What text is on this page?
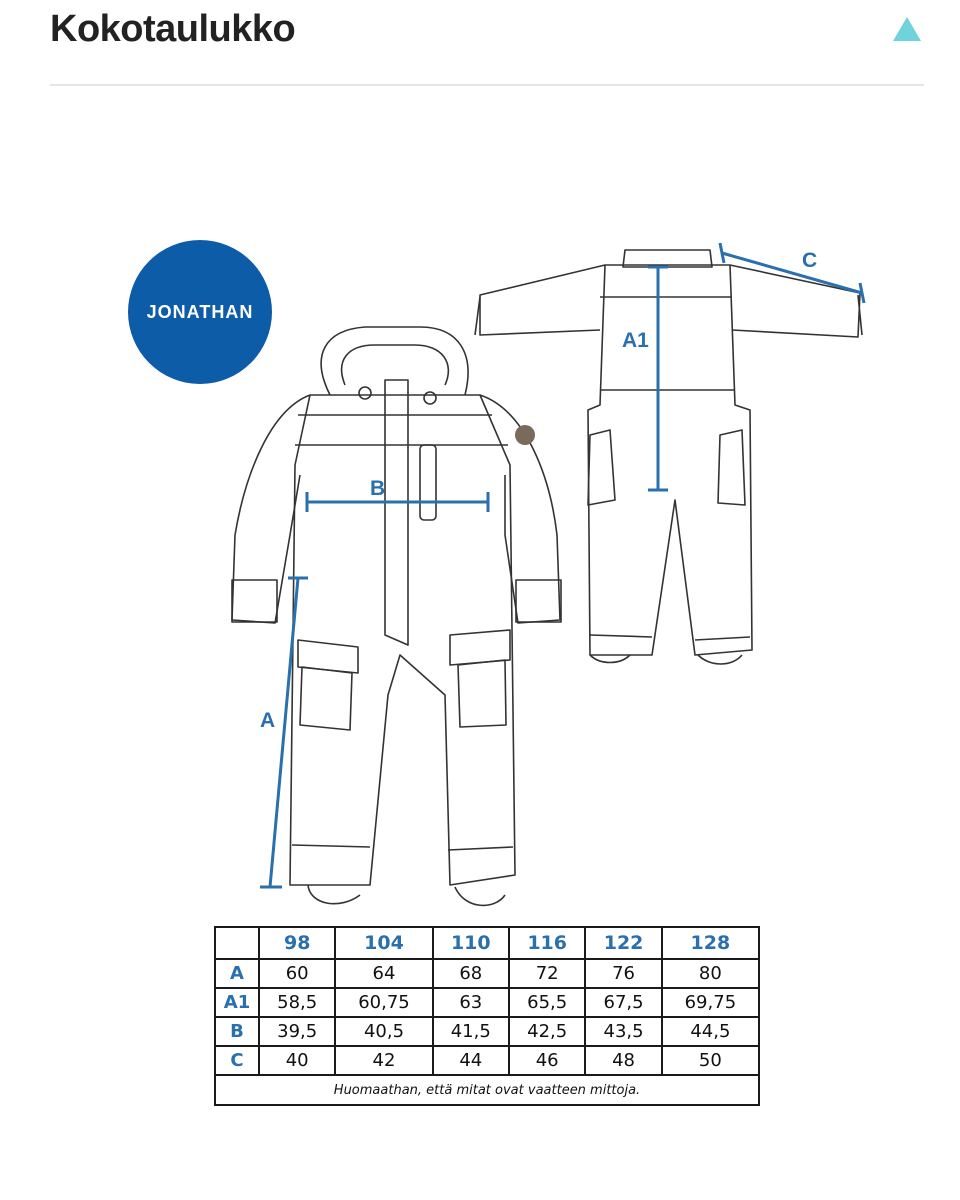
Kokotaulukko
JONATHAN
A
B
A1
C
	98	104	110	116	122	128
A	60	64	68	72	76	80
A1	58,5	60,75	63	65,5	67,5	69,75
B	39,5	40,5	41,5	42,5	43,5	44,5
C	40	42	44	46	48	50
Huomaathan, että mitat ovat vaatteen mittoja.						
